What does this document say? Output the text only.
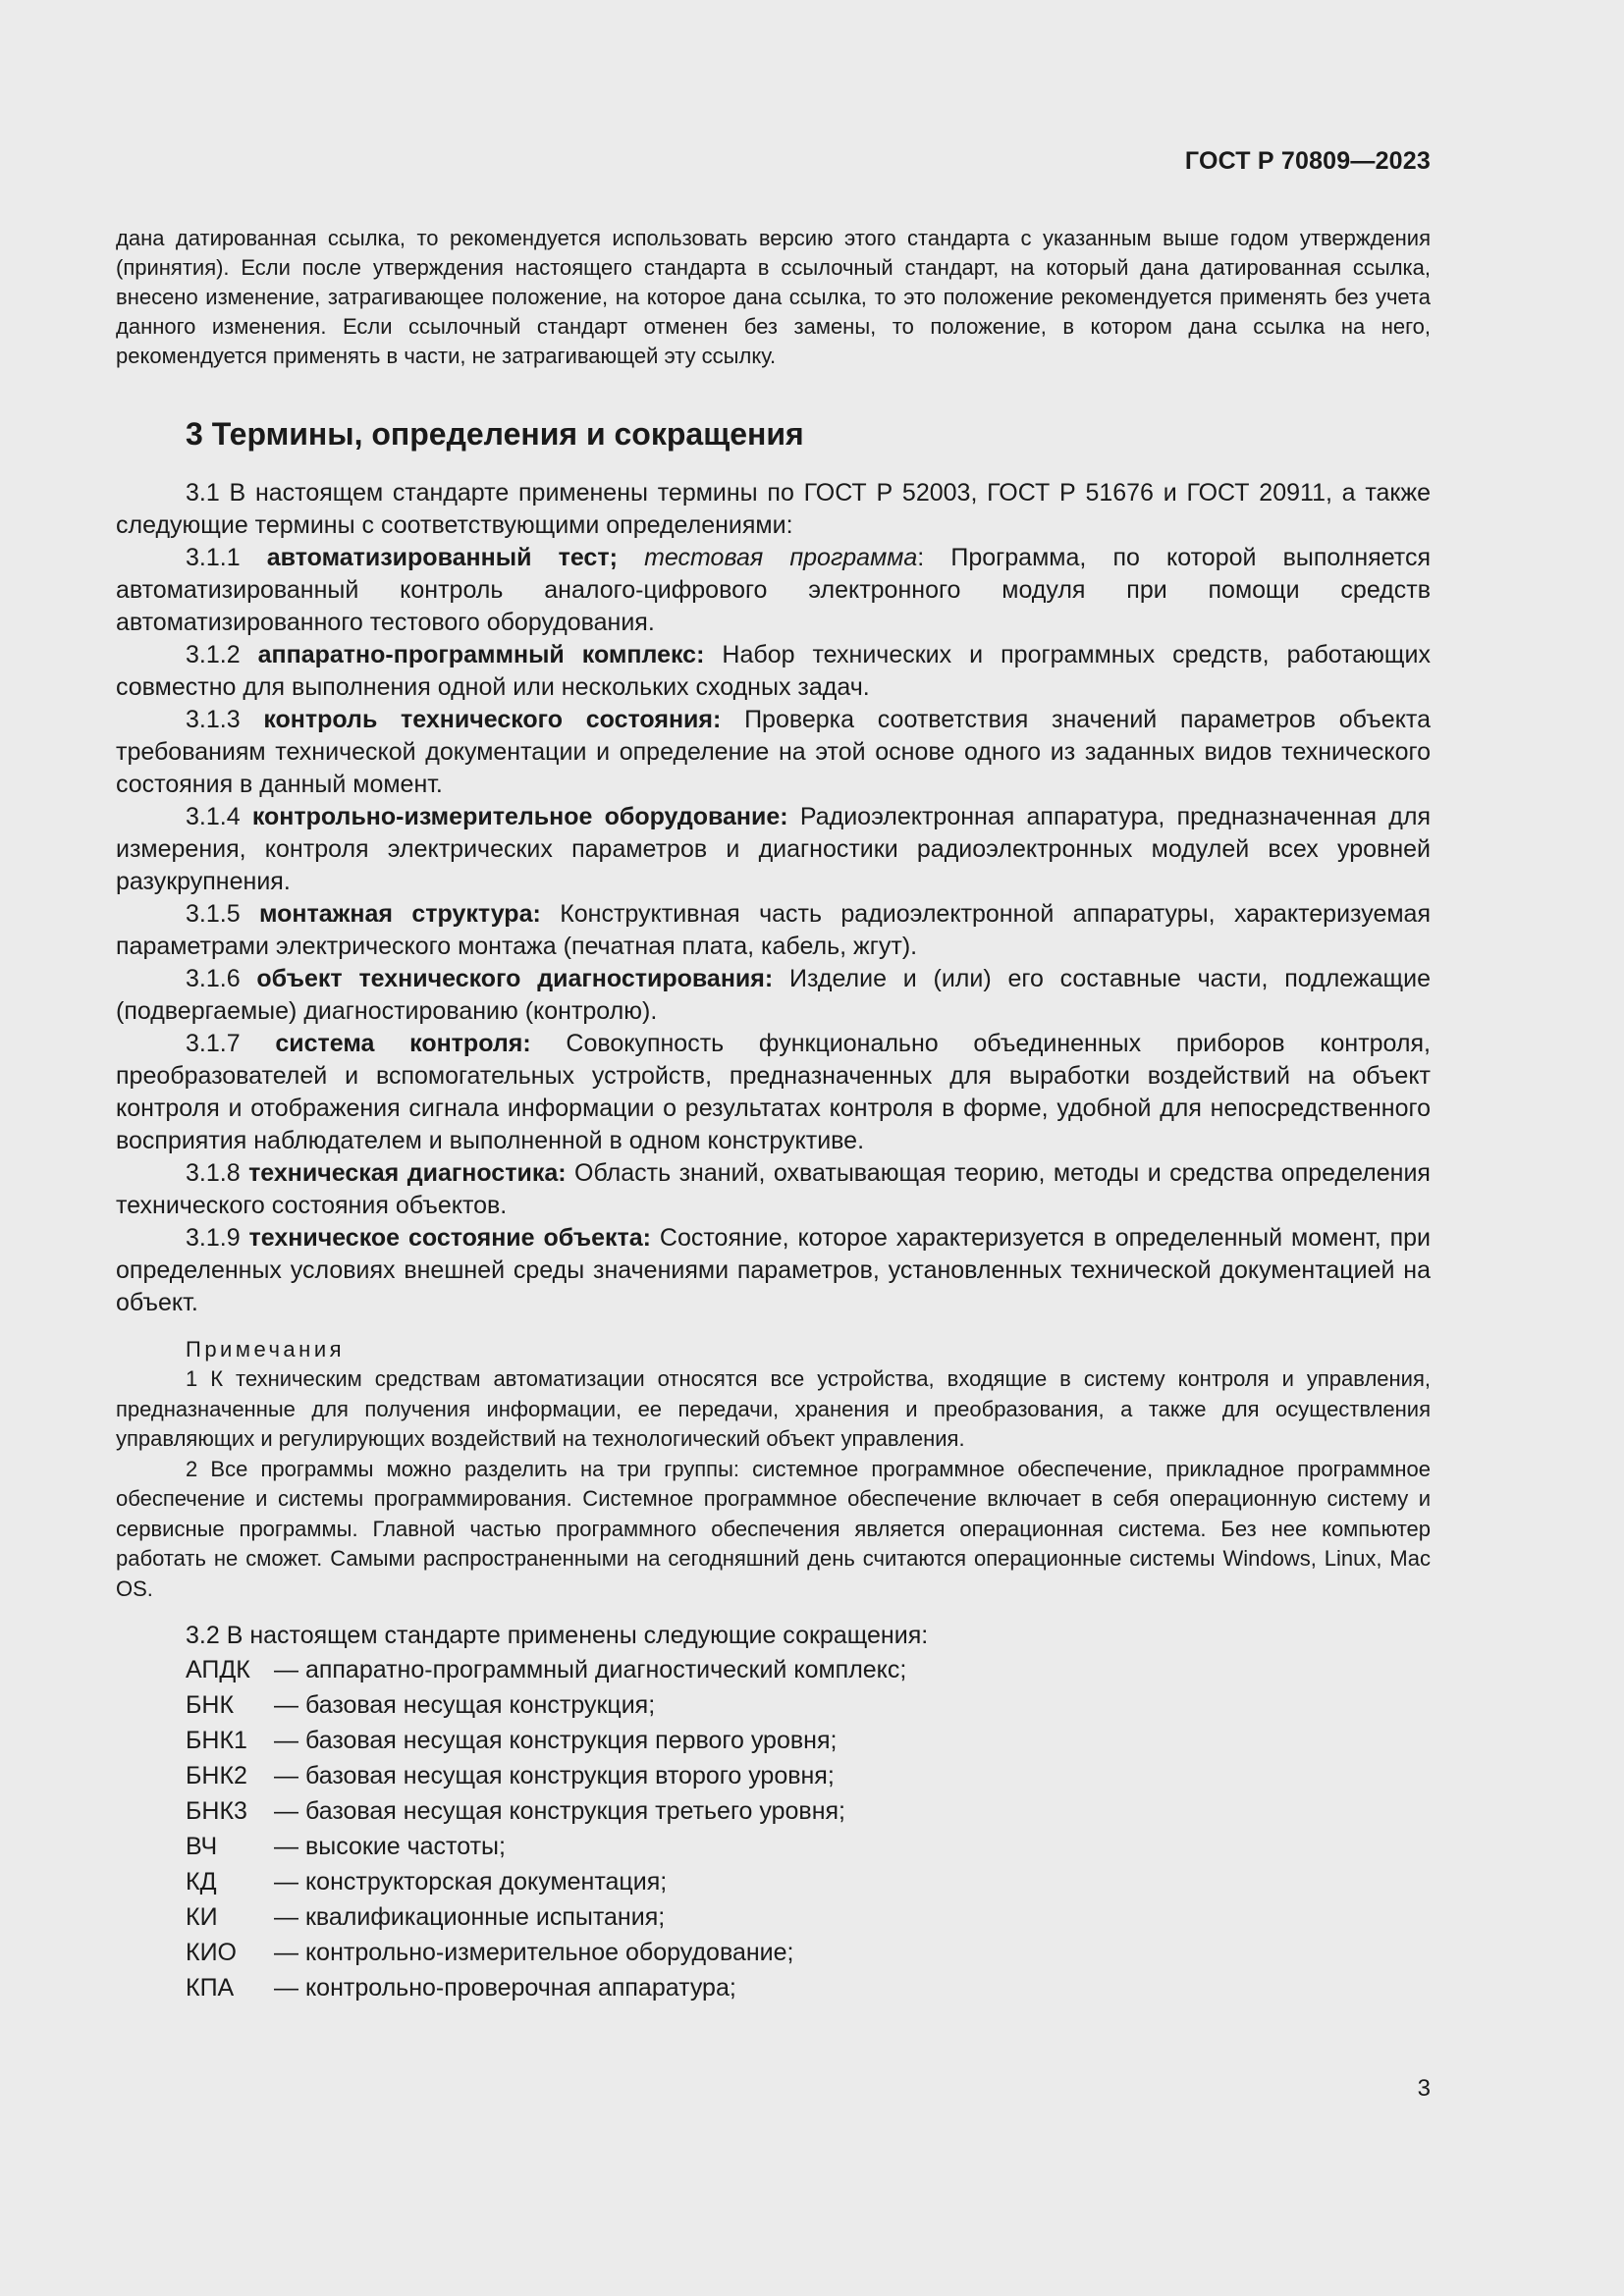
ГОСТ Р 70809—2023

дана датированная ссылка, то рекомендуется использовать версию этого стандарта с указанным выше годом утверждения (принятия). Если после утверждения настоящего стандарта в ссылочный стандарт, на который дана датированная ссылка, внесено изменение, затрагивающее положение, на которое дана ссылка, то это положение рекомендуется применять без учета данного изменения. Если ссылочный стандарт отменен без замены, то положение, в котором дана ссылка на него, рекомендуется применять в части, не затрагивающей эту ссылку.

3 Термины, определения и сокращения

3.1 В настоящем стандарте применены термины по ГОСТ Р 52003, ГОСТ Р 51676 и ГОСТ 20911, а также следующие термины с соответствующими определениями:

3.1.1 автоматизированный тест; тестовая программа: Программа, по которой выполняется автоматизированный контроль аналого-цифрового электронного модуля при помощи средств автоматизированного тестового оборудования.

3.1.2 аппаратно-программный комплекс: Набор технических и программных средств, работающих совместно для выполнения одной или нескольких сходных задач.

3.1.3 контроль технического состояния: Проверка соответствия значений параметров объекта требованиям технической документации и определение на этой основе одного из заданных видов технического состояния в данный момент.

3.1.4 контрольно-измерительное оборудование: Радиоэлектронная аппаратура, предназначенная для измерения, контроля электрических параметров и диагностики радиоэлектронных модулей всех уровней разукрупнения.

3.1.5 монтажная структура: Конструктивная часть радиоэлектронной аппаратуры, характеризуемая параметрами электрического монтажа (печатная плата, кабель, жгут).

3.1.6 объект технического диагностирования: Изделие и (или) его составные части, подлежащие (подвергаемые) диагностированию (контролю).

3.1.7 система контроля: Совокупность функционально объединенных приборов контроля, преобразователей и вспомогательных устройств, предназначенных для выработки воздействий на объект контроля и отображения сигнала информации о результатах контроля в форме, удобной для непосредственного восприятия наблюдателем и выполненной в одном конструктиве.

3.1.8 техническая диагностика: Область знаний, охватывающая теорию, методы и средства определения технического состояния объектов.

3.1.9 техническое состояние объекта: Состояние, которое характеризуется в определенный момент, при определенных условиях внешней среды значениями параметров, установленных технической документацией на объект.

Примечания

1 К техническим средствам автоматизации относятся все устройства, входящие в систему контроля и управления, предназначенные для получения информации, ее передачи, хранения и преобразования, а также для осуществления управляющих и регулирующих воздействий на технологический объект управления.

2 Все программы можно разделить на три группы: системное программное обеспечение, прикладное программное обеспечение и системы программирования. Системное программное обеспечение включает в себя операционную систему и сервисные программы. Главной частью программного обеспечения является операционная система. Без нее компьютер работать не сможет. Самыми распространенными на сегодняшний день считаются операционные системы Windows, Linux, Mac OS.

3.2 В настоящем стандарте применены следующие сокращения:

АПДК — аппаратно-программный диагностический комплекс;
БНК	— базовая несущая конструкция;
БНК1	— базовая несущая конструкция первого уровня;
БНК2	— базовая несущая конструкция второго уровня;
БНК3	— базовая несущая конструкция третьего уровня;
ВЧ	— высокие частоты;
КД	— конструкторская документация;
КИ	— квалификационные испытания;
КИО	— контрольно-измерительное оборудование;
КПА	— контрольно-проверочная аппаратура;
3
